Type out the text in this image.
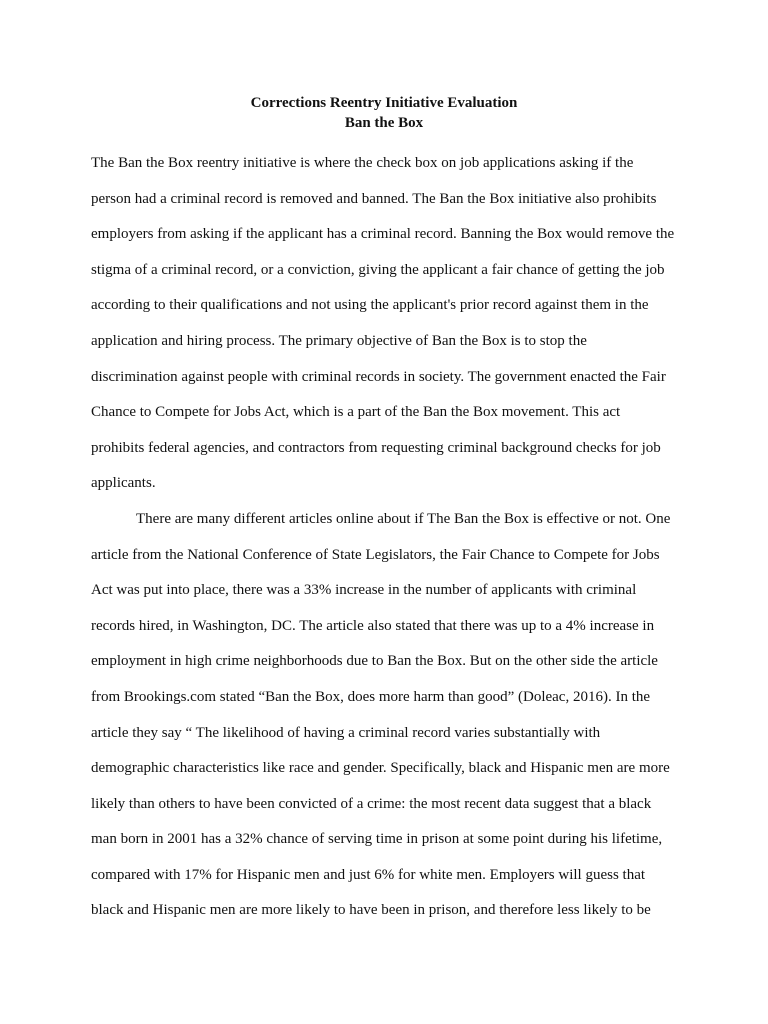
Corrections Reentry Initiative Evaluation
Ban the Box
The Ban the Box reentry initiative is where the check box on job applications asking if the
person had a criminal record is removed and banned. The Ban the Box initiative also prohibits
employers from asking if the applicant has a criminal record. Banning the Box would remove the
stigma of a criminal record, or a conviction, giving the applicant a fair chance of getting the job
according to their qualifications and not using the applicant's prior record against them in the
application and hiring process. The primary objective of Ban the Box is to stop the
discrimination against people with criminal records in society. The government enacted the Fair
Chance to Compete for Jobs Act, which is a part of the Ban the Box movement. This act
prohibits federal agencies, and contractors from requesting criminal background checks for job
applicants.
There are many different articles online about if The Ban the Box is effective or not. One
article from the National Conference of State Legislators, the Fair Chance to Compete for Jobs
Act was put into place, there was a 33% increase in the number of applicants with criminal
records hired, in Washington, DC. The article also stated that there was up to a 4% increase in
employment in high crime neighborhoods due to Ban the Box. But on the other side the article
from Brookings.com stated “Ban the Box, does more harm than good” (Doleac, 2016). In the
article they say “ The likelihood of having a criminal record varies substantially with
demographic characteristics like race and gender. Specifically, black and Hispanic men are more
likely than others to have been convicted of a crime: the most recent data suggest that a black
man born in 2001 has a 32% chance of serving time in prison at some point during his lifetime,
compared with 17% for Hispanic men and just 6% for white men. Employers will guess that
black and Hispanic men are more likely to have been in prison, and therefore less likely to be
